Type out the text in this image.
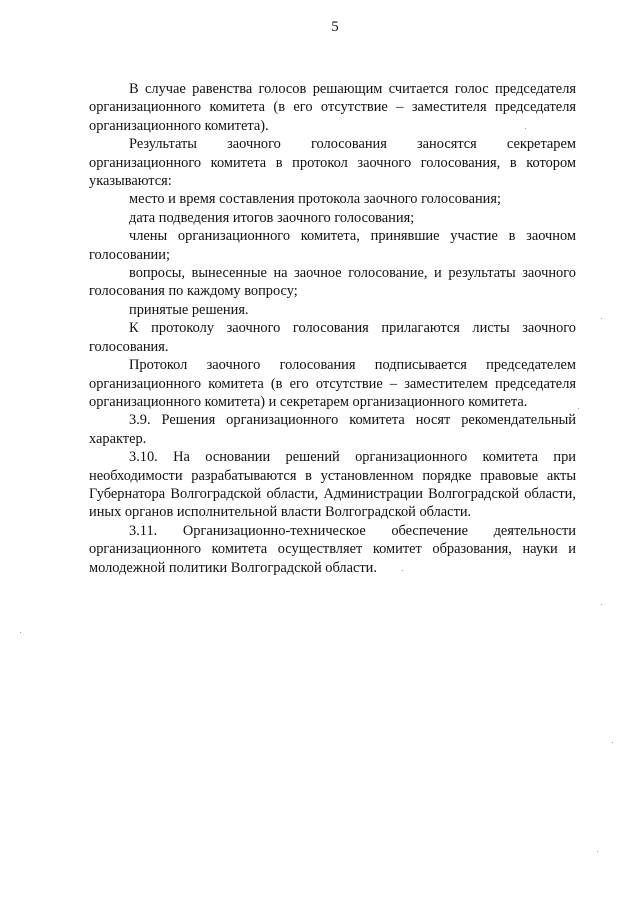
5

В случае равенства голосов решающим считается голос председателя организационного комитета (в его отсутствие – заместителя председателя организационного комитета).

Результаты заочного голосования заносятся секретарем организационного комитета в протокол заочного голосования, в котором указываются:

место и время составления протокола заочного голосования;

дата подведения итогов заочного голосования;

члены организационного комитета, принявшие участие в заочном голосовании;

вопросы, вынесенные на заочное голосование, и результаты заочного голосования по каждому вопросу;

принятые решения.

К протоколу заочного голосования прилагаются листы заочного голосования.

Протокол заочного голосования подписывается председателем организационного комитета (в его отсутствие – заместителем председателя организационного комитета) и секретарем организационного комитета.

3.9. Решения организационного комитета носят рекомендательный характер.

3.10. На основании решений организационного комитета при необходимости разрабатываются в установленном порядке правовые акты Губернатора Волгоградской области, Администрации Волгоградской области, иных органов исполнительной власти Волгоградской области.

3.11. Организационно-техническое обеспечение деятельности организационного комитета осуществляет комитет образования, науки и молодежной политики Волгоградской области.
